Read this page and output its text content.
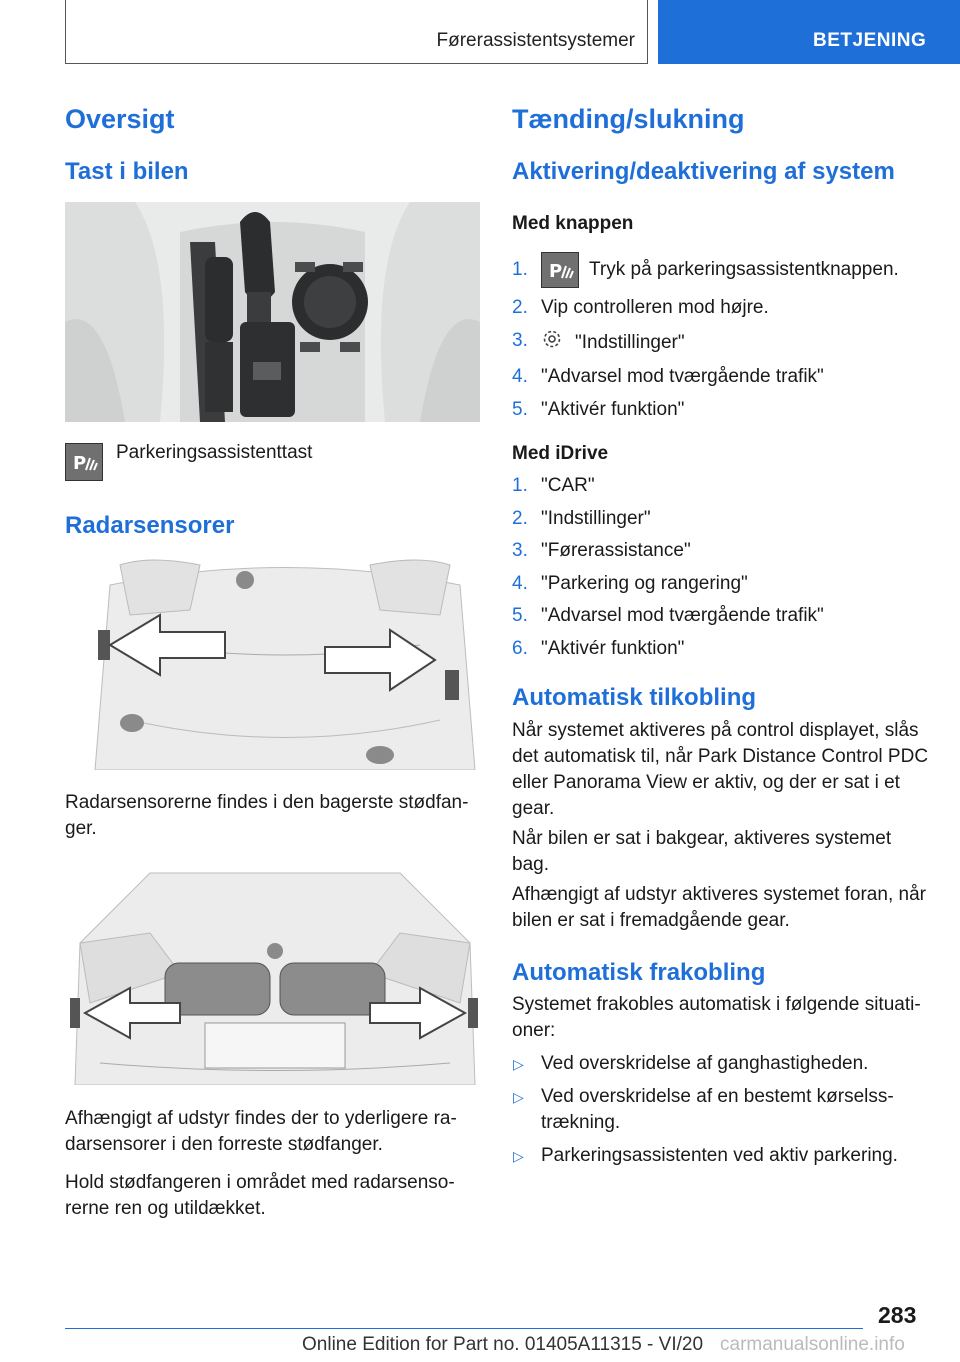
Førerassistentsystemer	BETJENING
Oversigt
Tast i bilen
P

Parkeringsassistenttast

Radarsensorer

Radarsensorerne findes i den bagerste stødfan-
ger.

Afhængigt af udstyr findes der to yderligere ra-
darsensorer i den forreste stødfanger.

Hold stødfangeren i området med radarsenso-
rerne ren og utildækket.

Tænding/slukning
Aktivering/deaktivering af system
Med knappen
1. P Tryk på parkeringsassistentknappen.
2. Vip controlleren mod højre.
3. "Indstillinger"
4. "Advarsel mod tværgående trafik"
5. "Aktivér funktion"
Med iDrive
1. "CAR"
2. "Indstillinger"
3. "Førerassistance"
4. "Parkering og rangering"
5. "Advarsel mod tværgående trafik"
6. "Aktivér funktion"
Automatisk tilkobling

Når systemet aktiveres på control displayet, slås det automatisk til, når Park Distance Control PDC eller Panorama View er aktiv, og der er sat i et gear.

Når bilen er sat i bakgear, aktiveres systemet bag.

Afhængigt af udstyr aktiveres systemet foran, når bilen er sat i fremadgående gear.

Automatisk frakobling

Systemet frakobles automatisk i følgende situati-
oner:

▷ Ved overskridelse af ganghastigheden.
▷ Ved overskridelse af en bestemt kørselss-
trækning.
▷ Parkeringsassistenten ved aktiv parkering.
283
Online Edition for Part no. 01405A11315 - VI/20 carmanualsonline.info
